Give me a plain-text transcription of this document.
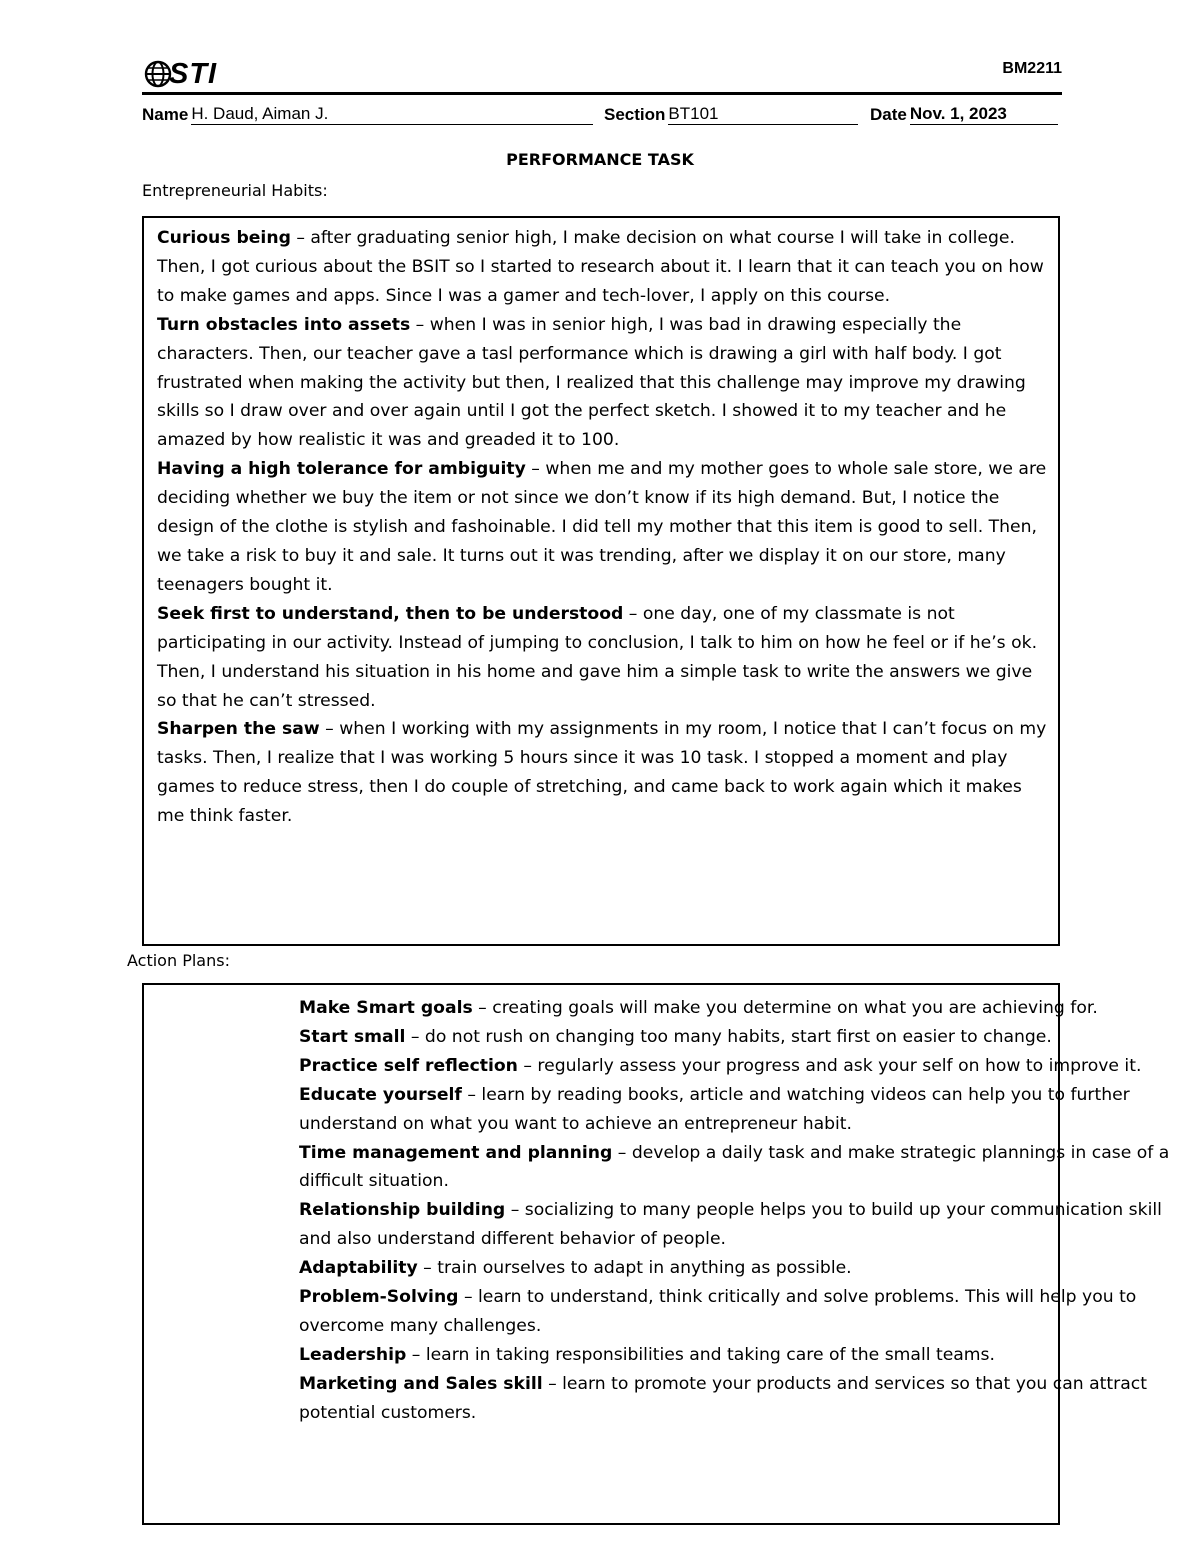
STI	BM2211
Name H. Daud, Aiman J.	Section BT101	Date Nov. 1, 2023
PERFORMANCE TASK
Entrepreneurial Habits:

Curious being – after graduating senior high, I make decision on what course I will take in college. Then, I got curious about the BSIT so I started to research about it. I learn that it can teach you on how to make games and apps. Since I was a gamer and tech-lover, I apply on this course.

Turn obstacles into assets – when I was in senior high, I was bad in drawing especially the characters. Then, our teacher gave a tasl performance which is drawing a girl with half body. I got frustrated when making the activity but then, I realized that this challenge may improve my drawing skills so I draw over and over again until I got the perfect sketch. I showed it to my teacher and he amazed by how realistic it was and greaded it to 100.

Having a high tolerance for ambiguity – when me and my mother goes to whole sale store, we are deciding whether we buy the item or not since we don’t know if its high demand. But, I notice the design of the clothe is stylish and fashoinable. I did tell my mother that this item is good to sell. Then, we take a risk to buy it and sale. It turns out it was trending, after we display it on our store, many teenagers bought it.

Seek first to understand, then to be understood – one day, one of my classmate is not participating in our activity. Instead of jumping to conclusion, I talk to him on how he feel or if he’s ok. Then, I understand his situation in his home and gave him a simple task to write the answers we give so that he can’t stressed.

Sharpen the saw – when I working with my assignments in my room, I notice that I can’t focus on my tasks. Then, I realize that I was working 5 hours since it was 10 task. I stopped a moment and play games to reduce stress, then I do couple of stretching, and came back to work again which it makes me think faster.

Action Plans:

Make Smart goals – creating goals will make you determine on what you are achieving for.

Start small – do not rush on changing too many habits, start first on easier to change.

Practice self reflection – regularly assess your progress and ask your self on how to improve it.

Educate yourself – learn by reading books, article and watching videos can help you to further understand on what you want to achieve an entrepreneur habit.

Time management and planning – develop a daily task and make strategic plannings in case of a difficult situation.

Relationship building – socializing to many people helps you to build up your communication skill and also understand different behavior of people.

Adaptability – train ourselves to adapt in anything as possible.

Problem-Solving – learn to understand, think critically and solve problems. This will help you to overcome many challenges.

Leadership – learn in taking responsibilities and taking care of the small teams.

Marketing and Sales skill – learn to promote your products and services so that you can attract potential customers.
